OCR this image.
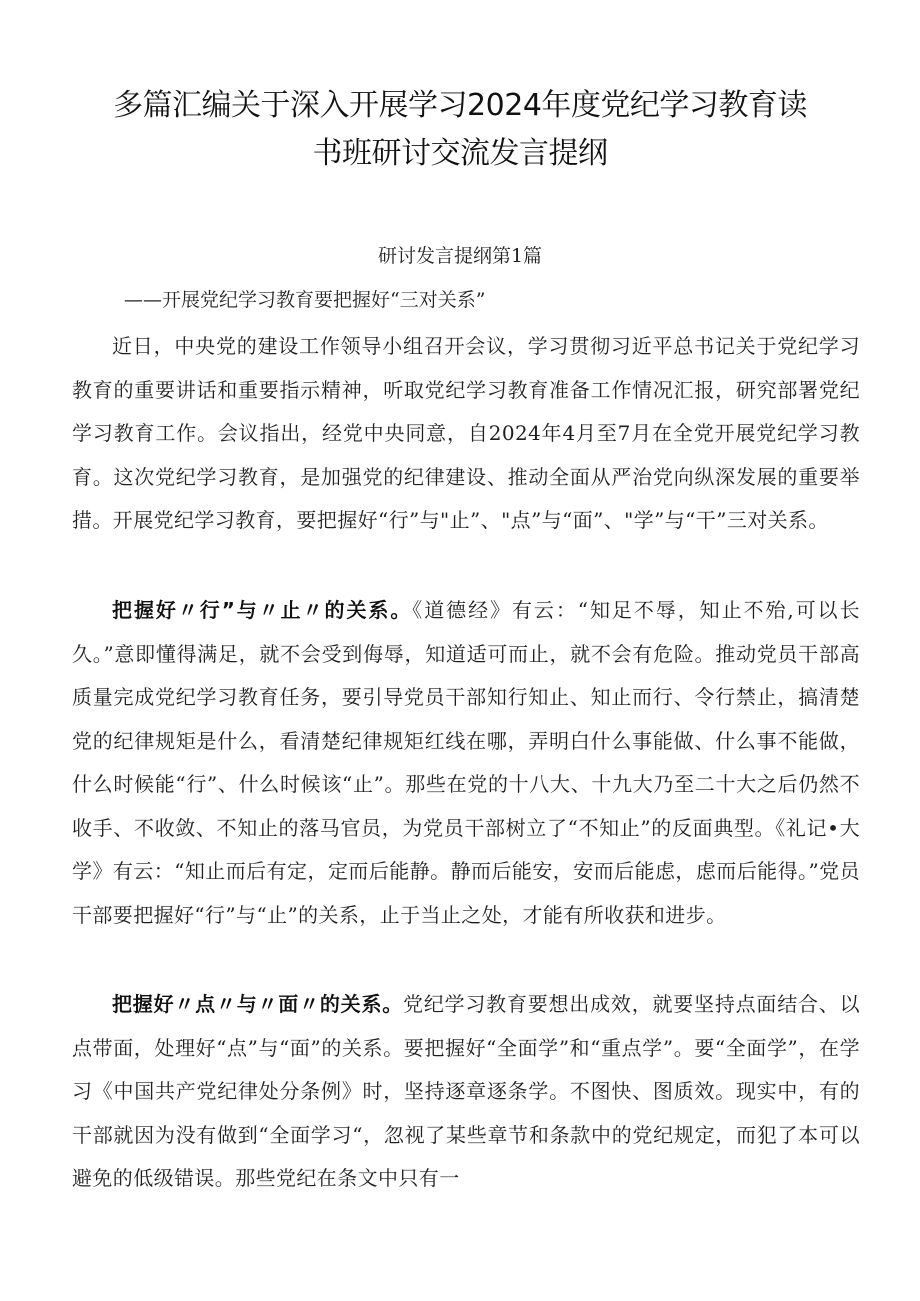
多篇汇编关于深入开展学习2024年度党纪学习教育读
书班研讨交流发言提纲
研讨发言提纲第1篇
——开展党纪学习教育要把握好“三对关系”

近日，中央党的建设工作领导小组召开会议，学习贯彻习近平总书记关于党纪学习教育的重要讲话和重要指示精神，听取党纪学习教育准备工作情况汇报，研究部署党纪学习教育工作。会议指出，经党中央同意，自2024年4月至7月在全党开展党纪学习教育。这次党纪学习教育，是加强党的纪律建设、推动全面从严治党向纵深发展的重要举措。开展党纪学习教育，要把握好“行”与"止”、"点”与“面”、"学”与“干”三对关系。

把握好〃行”与〃止〃的关系。《道德经》有云：“知足不辱，知止不殆,可以长久。”意即懂得满足，就不会受到侮辱，知道适可而止，就不会有危险。推动党员干部高质量完成党纪学习教育任务，要引导党员干部知行知止、知止而行、令行禁止，搞清楚党的纪律规矩是什么，看清楚纪律规矩红线在哪，弄明白什么事能做、什么事不能做，什么时候能“行”、什么时候该“止”。那些在党的十八大、十九大乃至二十大之后仍然不收手、不收敛、不知止的落马官员，为党员干部树立了“不知止”的反面典型。《礼记•大学》有云：“知止而后有定，定而后能静。静而后能安，安而后能虑，虑而后能得。”党员干部要把握好“行”与“止”的关系，止于当止之处，才能有所收获和进步。

把握好〃点〃与〃面〃的关系。党纪学习教育要想出成效，就要坚持点面结合、以点带面，处理好“点”与“面”的关系。要把握好“全面学”和“重点学”。要“全面学”，在学习《中国共产党纪律处分条例》时，坚持逐章逐条学。不图快、图质效。现实中，有的干部就因为没有做到“全面学习“，忽视了某些章节和条款中的党纪规定，而犯了本可以避免的低级错误。那些党纪在条文中只有一
